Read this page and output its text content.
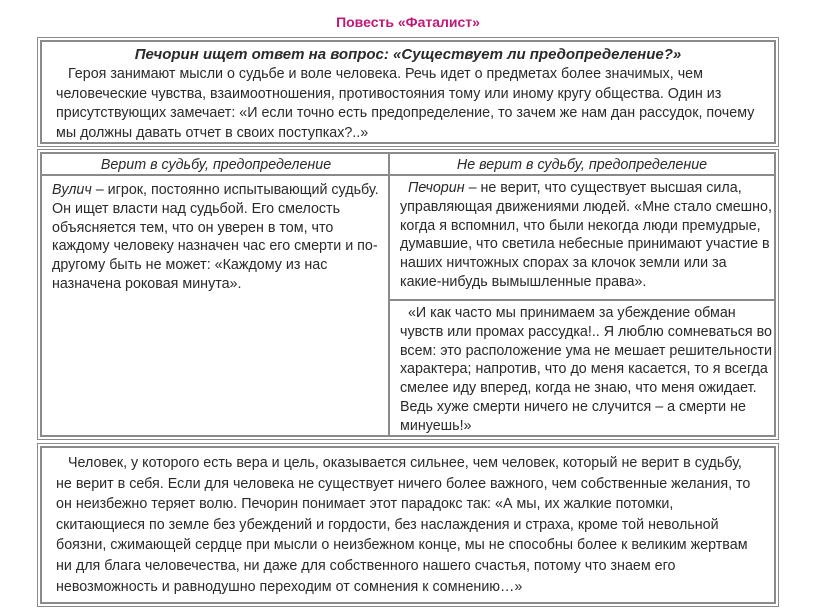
Повесть «Фаталист»
Печорин ищет ответ на вопрос: «Существует ли предопределение?»
Героя занимают мысли о судьбе и воле человека. Речь идет о предметах более значимых, чем человеческие чувства, взаимоотношения, противостояния тому или иному кругу общества. Один из присутствующих замечает: «И если точно есть предопределение, то зачем же нам дан рассудок, почему мы должны давать отчет в своих поступках?..»
Верит в судьбу, предопределение	Не верит в судьбу, предопределение
Вулич – игрок, постоянно испытывающий судьбу. Он ищет власти над судьбой. Его смелость объясняется тем, что он уверен в том, что каждому человеку назначен час его смерти и по-другому быть не может: «Каждому из нас назначена роковая минута».
Печорин – не верит, что существует высшая сила, управляющая движениями людей. «Мне стало смешно, когда я вспомнил, что были некогда люди премудрые, думавшие, что светила небесные принимают участие в наших ничтожных спорах за клочок земли или за какие-нибудь вымышленные права».
«И как часто мы принимаем за убеждение обман чувств или промах рассудка!.. Я люблю сомневаться во всем: это расположение ума не мешает решительности характера; напротив, что до меня касается, то я всегда смелее иду вперед, когда не знаю, что меня ожидает. Ведь хуже смерти ничего не случится – а смерти не минуешь!»
Человек, у которого есть вера и цель, оказывается сильнее, чем человек, который не верит в судьбу, не верит в себя. Если для человека не существует ничего более важного, чем собственные желания, то он неизбежно теряет волю. Печорин понимает этот парадокс так: «А мы, их жалкие потомки, скитающиеся по земле без убеждений и гордости, без наслаждения и страха, кроме той невольной боязни, сжимающей сердце при мысли о неизбежном конце, мы не способны более к великим жертвам ни для блага человечества, ни даже для собственного нашего счастья, потому что знаем его невозможность и равнодушно переходим от сомнения к сомнению…»
